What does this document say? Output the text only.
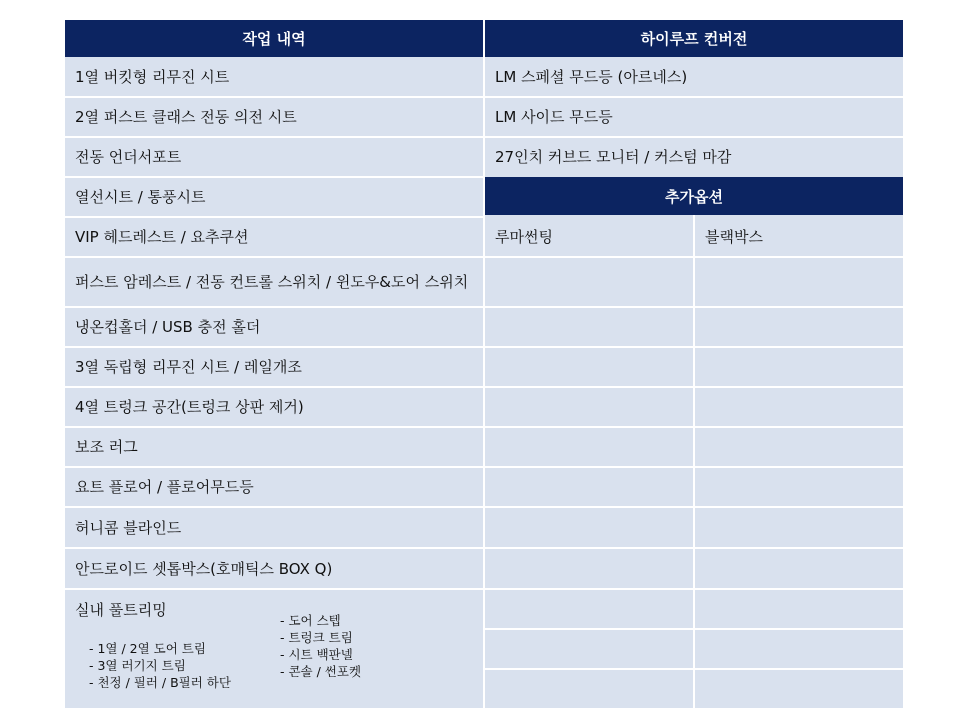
작업 내역	하이루프 컨버전
추가옵션
1열 버킷형 리무진 시트
2열 퍼스트 클래스 전동 의전 시트
전동 언더서포트
열선시트 / 통풍시트
VIP 헤드레스트 / 요추쿠션
퍼스트 암레스트 / 전동 컨트롤 스위치 / 윈도우&도어 스위치
냉온컵홀더 / USB 충전 홀더
3열 독립형 리무진 시트 / 레일개조
4열 트렁크 공간(트렁크 상판 제거)
보조 러그
요트 플로어 / 플로어무드등
허니콤 블라인드
안드로이드 셋톱박스(호매틱스 BOX Q)
실내 풀트리밍
- 1열 / 2열 도어 트림
- 3열 러기지 트림
- 천정 / 필러 / B필러 하단
- 도어 스텝
- 트렁크 트림
- 시트 백판넬
- 콘솔 / 썬포켓
LM 스페셜 무드등 (아르네스)
LM 사이드 무드등
27인치 커브드 모니터 / 커스텀 마감
루마썬팅	블랙박스
